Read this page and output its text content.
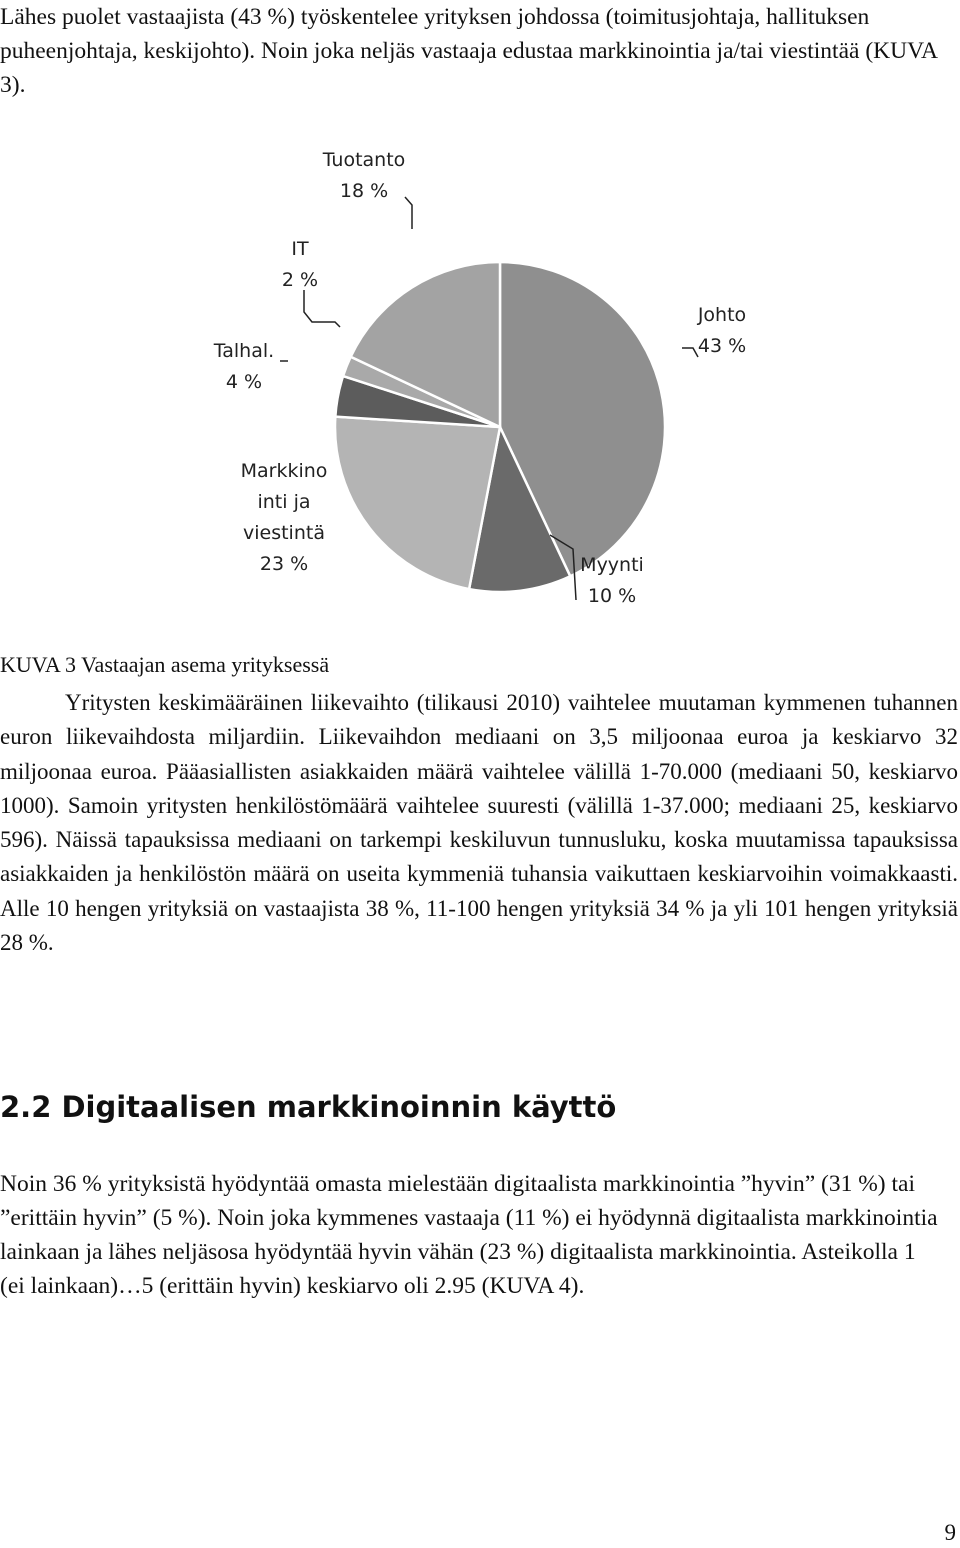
Lähes puolet vastaajista (43 %) työskentelee yrityksen johdossa (toimitusjohtaja, hallituksen puheenjohtaja, keskijohto). Noin joka neljäs vastaaja edustaa markkinointia ja/tai viestintää (KUVA 3).

Johto 43 %
Myynti 10 %
Markkino inti ja viestintä 23 %
Talhal. 4 %
IT 2 %
Tuotanto 18 %
KUVA 3 Vastaajan asema yrityksessä

Yritysten keskimääräinen liikevaihto (tilikausi 2010) vaihtelee muutaman kymmenen tuhannen euron liikevaihdosta miljardiin. Liikevaihdon mediaani on 3,5 miljoonaa euroa ja keskiarvo 32 miljoonaa euroa. Pääasiallisten asiakkaiden määrä vaihtelee välillä 1-70.000 (mediaani 50, keskiarvo 1000). Samoin yritysten henkilöstömäärä vaihtelee suuresti (välillä 1-37.000; mediaani 25, keskiarvo 596). Näissä tapauksissa mediaani on tarkempi keskiluvun tunnusluku, koska muutamissa tapauksissa asiakkaiden ja henkilöstön määrä on useita kymmeniä tuhansia vaikuttaen keskiarvoihin voimakkaasti. Alle 10 hengen yrityksiä on vastaajista 38 %, 11-100 hengen yrityksiä 34 % ja yli 101 hengen yrityksiä 28 %.

2.2 Digitaalisen markkinoinnin käyttö

Noin 36 % yrityksistä hyödyntää omasta mielestään digitaalista markkinointia ”hyvin” (31 %) tai ”erittäin hyvin” (5 %). Noin joka kymmenes vastaaja (11 %) ei hyödynnä digitaalista markkinointia lainkaan ja lähes neljäsosa hyödyntää hyvin vähän (23 %) digitaalista markkinointia. Asteikolla 1 (ei lainkaan)…5 (erittäin hyvin) keskiarvo oli 2.95 (KUVA 4).

9
